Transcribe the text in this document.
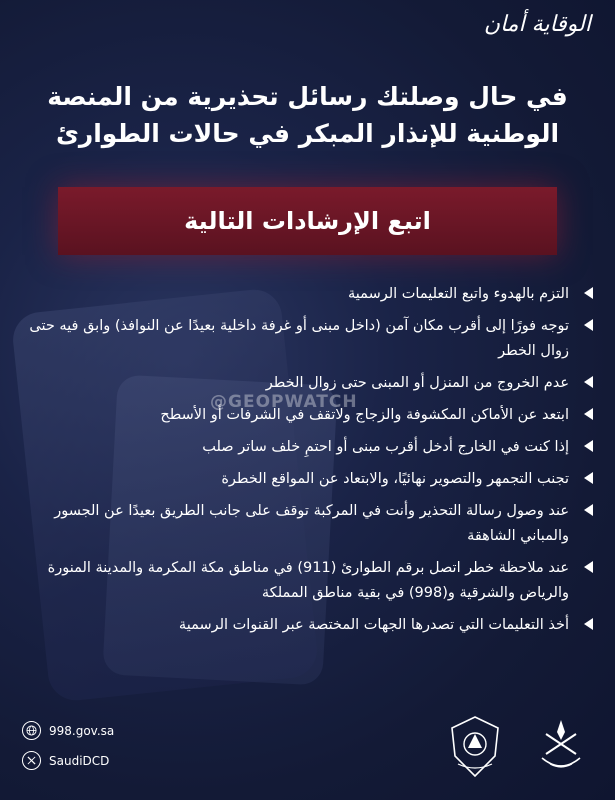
@GEOPWATCH
الوقاية أمان
في حال وصلتك رسائل تحذيرية من المنصة
الوطنية للإنذار المبكر في حالات الطوارئ
اتبع الإرشادات التالية
التزم بالهدوء واتبع التعليمات الرسمية
توجه فورًا إلى أقرب مكان آمن (داخل مبنى أو غرفة داخلية بعيدًا عن النوافذ) وابق فيه حتى زوال الخطر
عدم الخروج من المنزل أو المبنى حتى زوال الخطر
ابتعد عن الأماكن المكشوفة والزجاج ولاتقف في الشرفات أو الأسطح
إذا كنت في الخارج أدخل أقرب مبنى أو احتمِ خلف ساتر صلب
تجنب التجمهر والتصوير نهائيًا، والابتعاد عن المواقع الخطرة
عند وصول رسالة التحذير وأنت في المركبة توقف على جانب الطريق بعيدًا عن الجسور والمباني الشاهقة
عند ملاحظة خطر اتصل برقم الطوارئ (911) في مناطق مكة المكرمة والمدينة المنورة والرياض والشرقية و(998) في بقية مناطق المملكة
أخذ التعليمات التي تصدرها الجهات المختصة عبر القنوات الرسمية
998.gov.sa
SaudiDCD
